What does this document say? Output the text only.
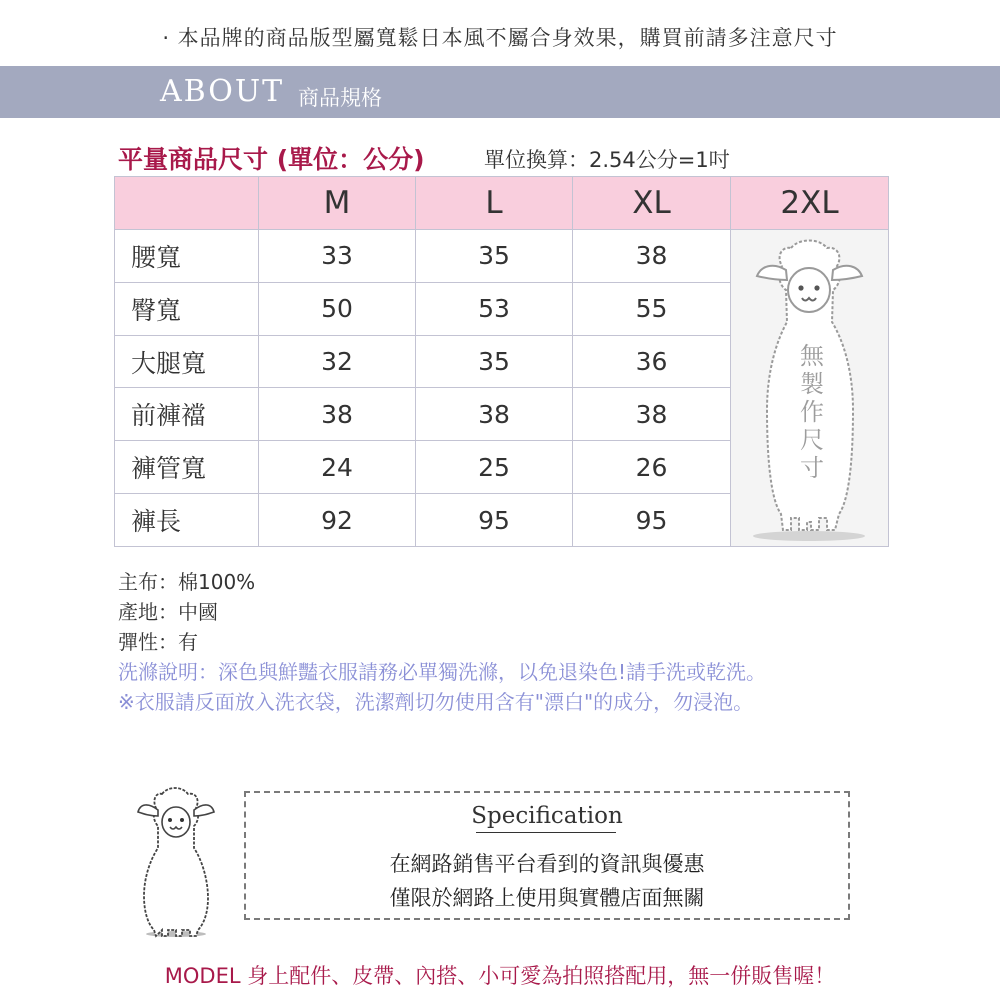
· 本品牌的商品版型屬寬鬆日本風不屬合身效果，購買前請多注意尺寸
ABOUT 商品規格
平量商品尺寸 (單位：公分)	單位換算：2.54公分=1吋
	M	L	XL	2XL
腰寬	33	35	38	無製作尺寸

臀寬	50	53	55	
大腿寬	32	35	36	
前褲襠	38	38	38	
褲管寬	24	25	26	
褲長	92	95	95	
主布：棉100%
產地：中國
彈性：有
洗滌說明：深色與鮮豔衣服請務必單獨洗滌，以免退染色!請手洗或乾洗。
※衣服請反面放入洗衣袋，洗潔劑切勿使用含有"漂白"的成分，勿浸泡。
Specification
在網路銷售平台看到的資訊與優惠
僅限於網路上使用與實體店面無關
MODEL 身上配件、皮帶、內搭、小可愛為拍照搭配用，無一併販售喔！
